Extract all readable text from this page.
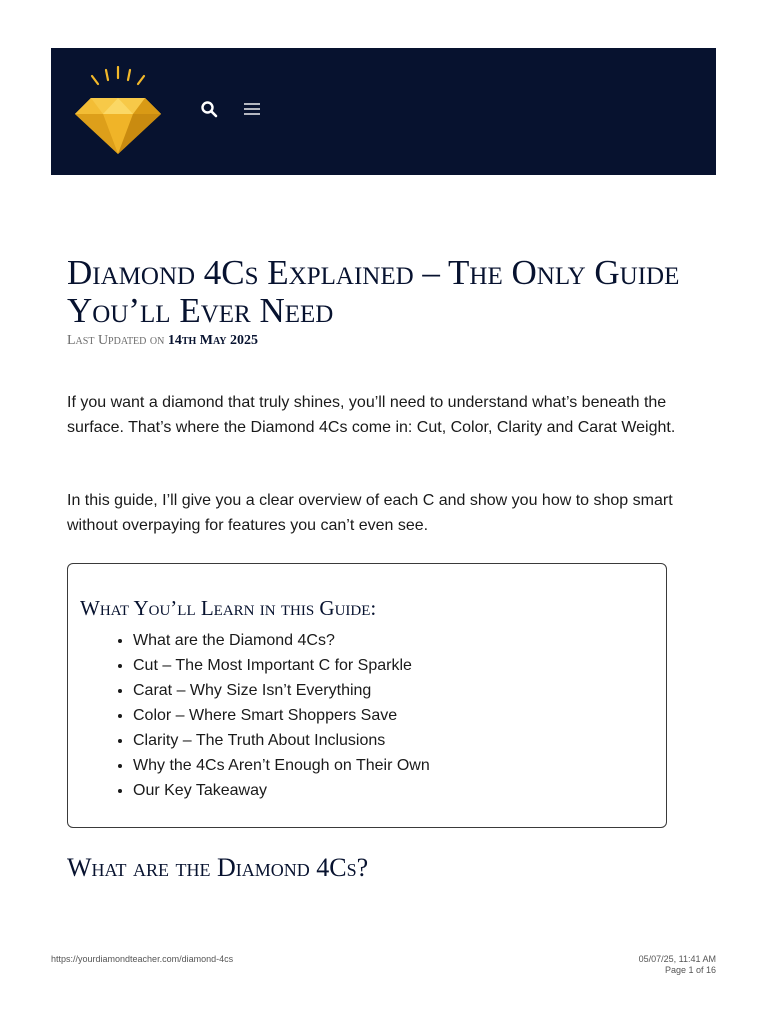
Diamond 4Cs Explained – The Only Guide You’ll Ever Need
Last Updated on 14th May 2025

If you want a diamond that truly shines, you’ll need to understand what’s beneath the surface. That’s where the Diamond 4Cs come in: Cut, Color, Clarity and Carat Weight.

In this guide, I’ll give you a clear overview of each C and show you how to shop smart without overpaying for features you can’t even see.

What You’ll Learn in this Guide:
• What are the Diamond 4Cs?
• Cut – The Most Important C for Sparkle
• Carat – Why Size Isn’t Everything
• Color – Where Smart Shoppers Save
• Clarity – The Truth About Inclusions
• Why the 4Cs Aren’t Enough on Their Own
• Our Key Takeaway
What are the Diamond 4Cs?
https://yourdiamondteacher.com/diamond-4cs	05/07/25, 11:41 AM
Page 1 of 16
